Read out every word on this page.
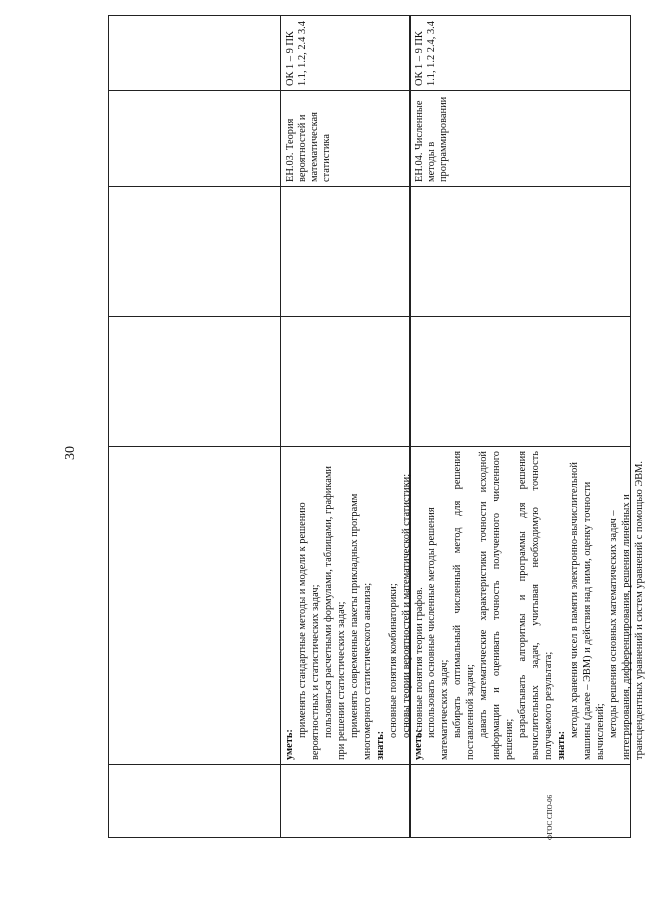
30

уметь:

применять стандартные методы и модели к решению вероятностных и статистических задач; пользоваться расчетными формулами, таблицами, графиками при решении статистических задач; применять современные пакеты прикладных программ многомерного статистического анализа; знать:

основные понятия комбинаторики; основы теории вероятностей и математической статистики; основные понятия теории графов.

ЕН.03. Теория вероятностей и математическая статистика
ОК 1 – 9 ПК 1.1, 1.2, 2.4 3.4

уметь:

использовать основные численные методы решения математических задач; выбирать оптимальный численный метод для решения поставленной задачи; давать математические характеристики точности исходной информации и оценивать точность полученного численного решения;

разрабатывать алгоритмы и программы для решения вычислительных задач, учитывая необходимую точность получаемого результата; знать:

методы хранения чисел в памяти электронно-вычислительной машины (далее – ЭВМ) и действия над ними, оценку точности вычислений; методы решения основных математических задач – интегрирования, дифференцирования, решения линейных и трансцендентных уравнений и систем уравнений с помощью ЭВМ.

ЕН.04. Численные методы в программировании
ОК 1 – 9 ПК 1.1, 1.2 2.4, 3.4
ФГОС СПО-06
